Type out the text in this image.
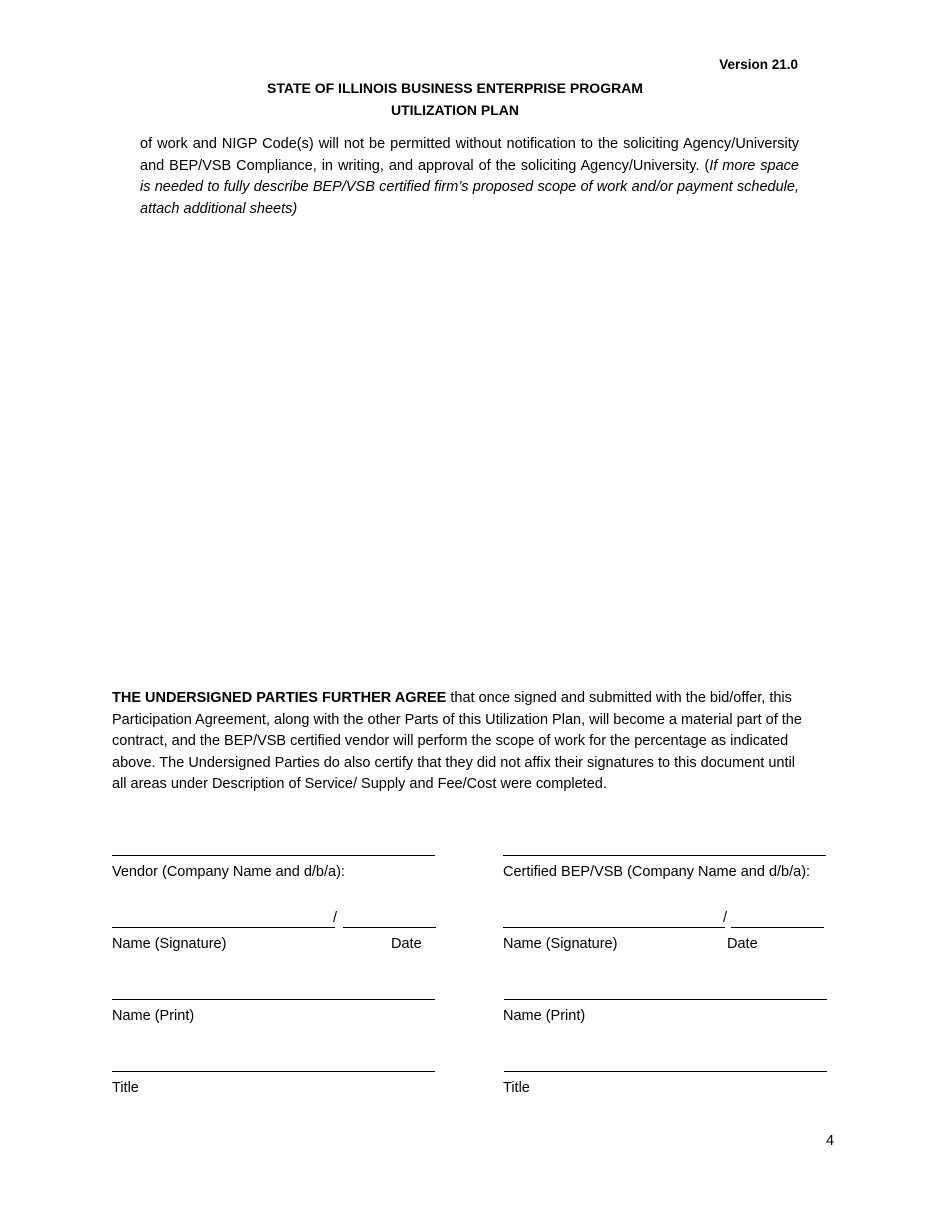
Version 21.0
STATE OF ILLINOIS BUSINESS ENTERPRISE PROGRAM
UTILIZATION PLAN
of work and NIGP Code(s) will not be permitted without notification to the soliciting Agency/University and BEP/VSB Compliance, in writing, and approval of the soliciting Agency/University. (If more space is needed to fully describe BEP/VSB certified firm’s proposed scope of work and/or payment schedule, attach additional sheets)
THE UNDERSIGNED PARTIES FURTHER AGREE that once signed and submitted with the bid/offer, this Participation Agreement, along with the other Parts of this Utilization Plan, will become a material part of the contract, and the BEP/VSB certified vendor will perform the scope of work for the percentage as indicated above. The Undersigned Parties do also certify that they did not affix their signatures to this document until all areas under Description of Service/ Supply and Fee/Cost were completed.
Vendor (Company Name and d/b/a):
/
Name (Signature)	Date
Name (Print)
Title
Certified BEP/VSB (Company Name and d/b/a):
/
Name (Signature)	Date
Name (Print)
Title
4
